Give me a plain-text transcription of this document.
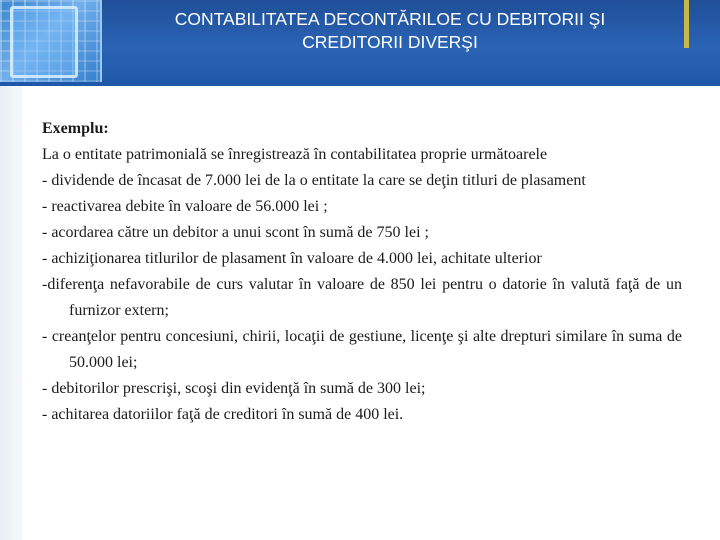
CONTABILITATEA DECONTĂRILOE CU DEBITORII ŞI
CREDITORII DIVERŞI

Exemplu:

La o entitate patrimonială se înregistrează în contabilitatea proprie următoarele

- dividende de încasat de 7.000 lei de la o entitate la care se deţin titluri de plasament

- reactivarea debite în valoare de 56.000 lei ;

- acordarea către un debitor a unui scont în sumă de 750 lei ;

- achiziţionarea titlurilor de plasament în valoare de 4.000 lei, achitate ulterior

-diferenţa nefavorabile de curs valutar în valoare de 850 lei pentru o datorie în valută faţă de un furnizor extern;

- creanţelor pentru concesiuni, chirii, locaţii de gestiune, licenţe şi alte drepturi similare în suma de 50.000 lei;

- debitorilor prescrişi, scoşi din evidenţă în sumă de 300 lei;

- achitarea datoriilor faţă de creditori în sumă de 400 lei.
